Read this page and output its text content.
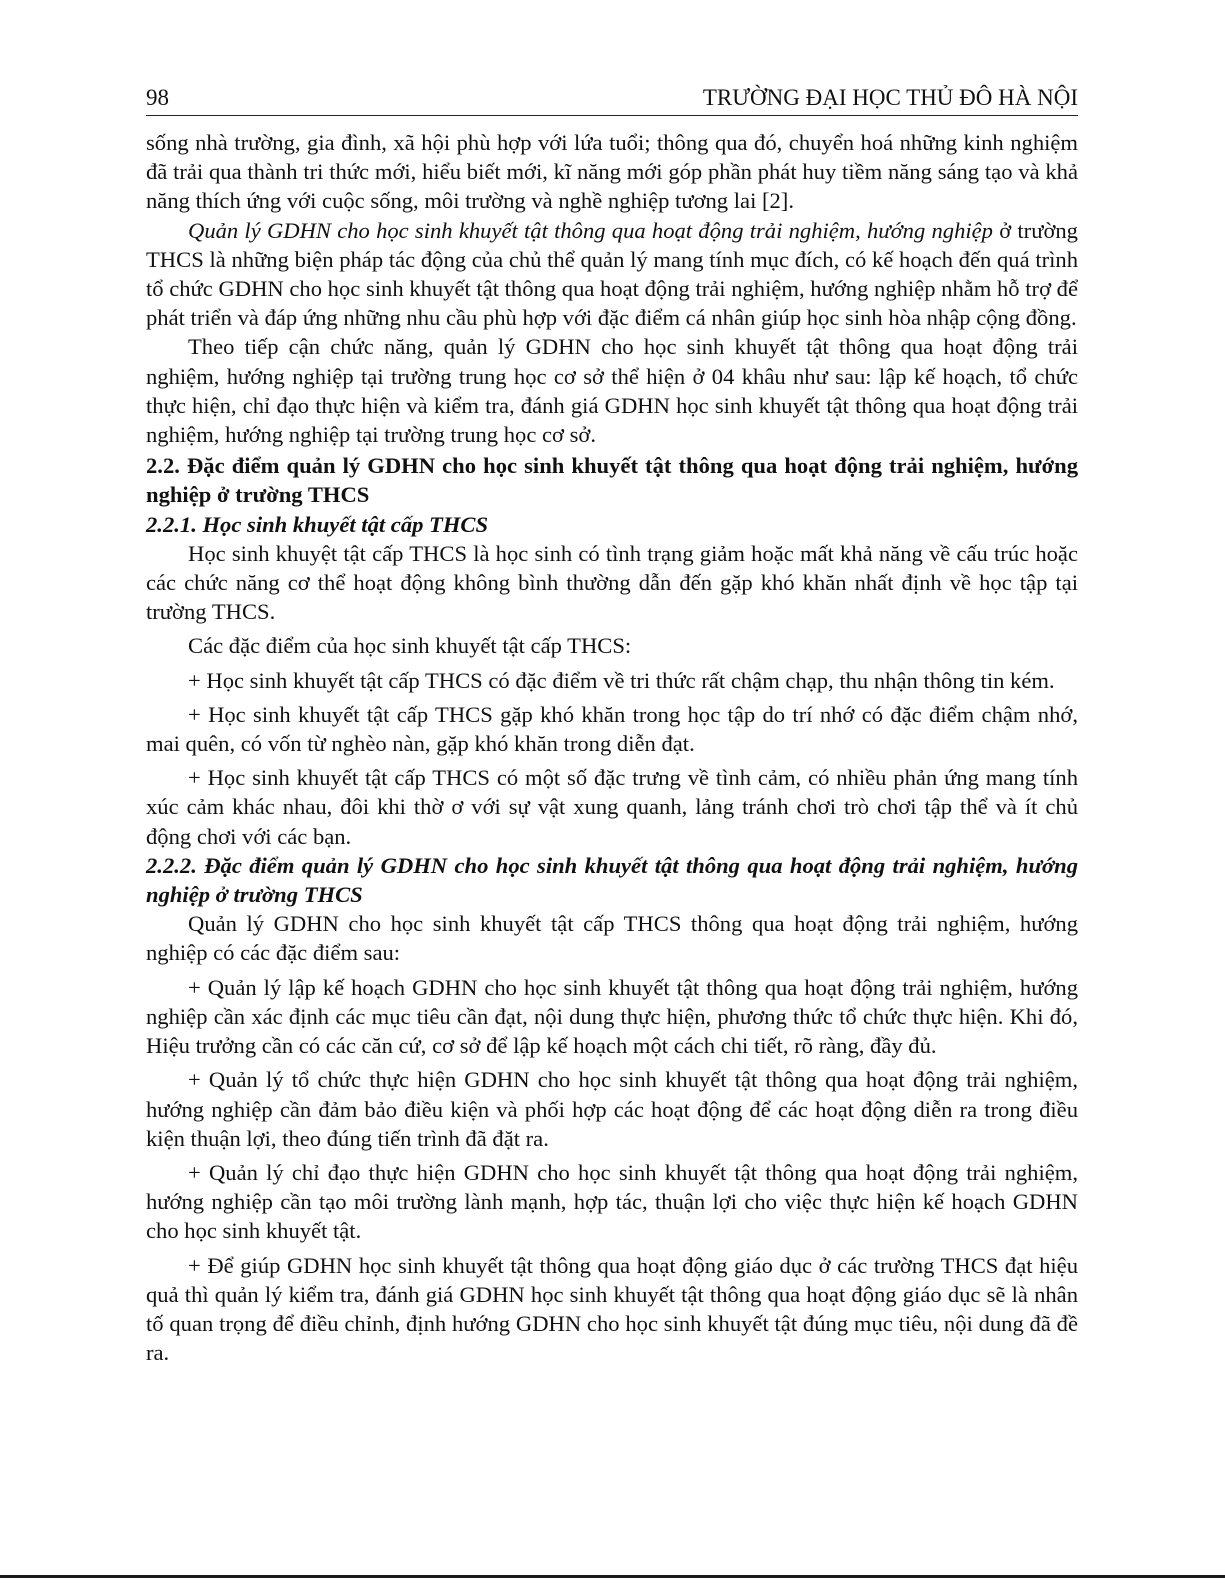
98	TRƯỜNG ĐẠI HỌC THỦ ĐÔ HÀ NỘI

sống nhà trường, gia đình, xã hội phù hợp với lứa tuổi; thông qua đó, chuyển hoá những kinh nghiệm đã trải qua thành tri thức mới, hiểu biết mới, kĩ năng mới góp phần phát huy tiềm năng sáng tạo và khả năng thích ứng với cuộc sống, môi trường và nghề nghiệp tương lai [2].

Quản lý GDHN cho học sinh khuyết tật thông qua hoạt động trải nghiệm, hướng nghiệp ở trường THCS là những biện pháp tác động của chủ thể quản lý mang tính mục đích, có kế hoạch đến quá trình tổ chức GDHN cho học sinh khuyết tật thông qua hoạt động trải nghiệm, hướng nghiệp nhằm hỗ trợ để phát triển và đáp ứng những nhu cầu phù hợp với đặc điểm cá nhân giúp học sinh hòa nhập cộng đồng.

Theo tiếp cận chức năng, quản lý GDHN cho học sinh khuyết tật thông qua hoạt động trải nghiệm, hướng nghiệp tại trường trung học cơ sở thể hiện ở 04 khâu như sau: lập kế hoạch, tổ chức thực hiện, chỉ đạo thực hiện và kiểm tra, đánh giá GDHN học sinh khuyết tật thông qua hoạt động trải nghiệm, hướng nghiệp tại trường trung học cơ sở.

2.2. Đặc điểm quản lý GDHN cho học sinh khuyết tật thông qua hoạt động trải nghiệm, hướng nghiệp ở trường THCS

2.2.1. Học sinh khuyết tật cấp THCS

Học sinh khuyệt tật cấp THCS là học sinh có tình trạng giảm hoặc mất khả năng về cấu trúc hoặc các chức năng cơ thể hoạt động không bình thường dẫn đến gặp khó khăn nhất định về học tập tại trường THCS.

Các đặc điểm của học sinh khuyết tật cấp THCS:

+ Học sinh khuyết tật cấp THCS có đặc điểm về tri thức rất chậm chạp, thu nhận thông tin kém.

+ Học sinh khuyết tật cấp THCS gặp khó khăn trong học tập do trí nhớ có đặc điểm chậm nhớ, mai quên, có vốn từ nghèo nàn, gặp khó khăn trong diễn đạt.

+ Học sinh khuyết tật cấp THCS có một số đặc trưng về tình cảm, có nhiều phản ứng mang tính xúc cảm khác nhau, đôi khi thờ ơ với sự vật xung quanh, lảng tránh chơi trò chơi tập thể và ít chủ động chơi với các bạn.

2.2.2. Đặc điểm quản lý GDHN cho học sinh khuyết tật thông qua hoạt động trải nghiệm, hướng nghiệp ở trường THCS

Quản lý GDHN cho học sinh khuyết tật cấp THCS thông qua hoạt động trải nghiệm, hướng nghiệp có các đặc điểm sau:

+ Quản lý lập kế hoạch GDHN cho học sinh khuyết tật thông qua hoạt động trải nghiệm, hướng nghiệp cần xác định các mục tiêu cần đạt, nội dung thực hiện, phương thức tổ chức thực hiện. Khi đó, Hiệu trưởng cần có các căn cứ, cơ sở để lập kế hoạch một cách chi tiết, rõ ràng, đầy đủ.

+ Quản lý tổ chức thực hiện GDHN cho học sinh khuyết tật thông qua hoạt động trải nghiệm, hướng nghiệp cần đảm bảo điều kiện và phối hợp các hoạt động để các hoạt động diễn ra trong điều kiện thuận lợi, theo đúng tiến trình đã đặt ra.

+ Quản lý chỉ đạo thực hiện GDHN cho học sinh khuyết tật thông qua hoạt động trải nghiệm, hướng nghiệp cần tạo môi trường lành mạnh, hợp tác, thuận lợi cho việc thực hiện kế hoạch GDHN cho học sinh khuyết tật.

+ Để giúp GDHN học sinh khuyết tật thông qua hoạt động giáo dục ở các trường THCS đạt hiệu quả thì quản lý kiểm tra, đánh giá GDHN học sinh khuyết tật thông qua hoạt động giáo dục sẽ là nhân tố quan trọng để điều chỉnh, định hướng GDHN cho học sinh khuyết tật đúng mục tiêu, nội dung đã đề ra.
